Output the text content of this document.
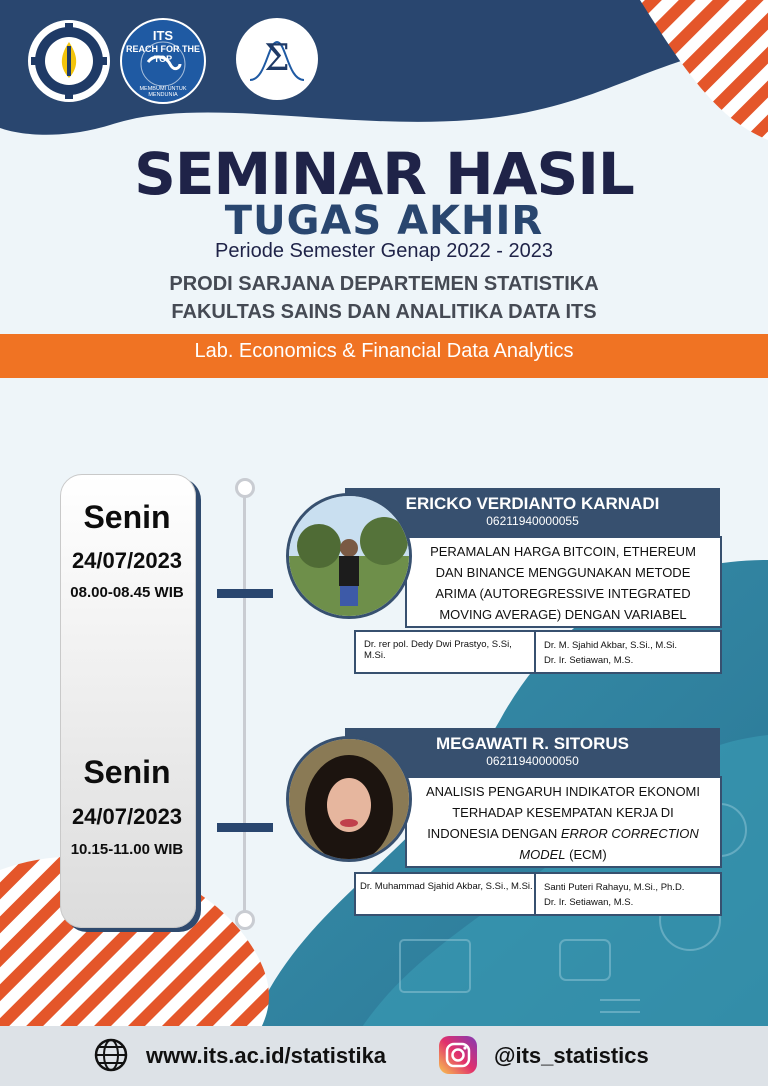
ITS
REACH FOR THE TOP
MEMBUMI UNTUK MENDUNIA
Σ
SEMINAR HASIL
TUGAS AKHIR
Periode Semester Genap 2022 - 2023
PRODI SARJANA DEPARTEMEN STATISTIKA
FAKULTAS SAINS DAN ANALITIKA DATA ITS
Lab. Economics & Financial Data Analytics
Senin
24/07/2023
08.00-08.45 WIB
Senin
24/07/2023
10.15-11.00 WIB
ERICKO VERDIANTO KARNADI
06211940000055
PERAMALAN HARGA BITCOIN, ETHEREUM DAN BINANCE MENGGUNAKAN METODE ARIMA (AUTOREGRESSIVE INTEGRATED MOVING AVERAGE) DENGAN VARIABEL
Dr. rer pol. Dedy Dwi Prastyo, S.Si, M.Si.
Dr. M. Sjahid Akbar, S.Si., M.Si.
Dr. Ir. Setiawan, M.S.
MEGAWATI R. SITORUS
06211940000050
ANALISIS PENGARUH INDIKATOR EKONOMI TERHADAP KESEMPATAN KERJA DI INDONESIA DENGAN ERROR CORRECTION MODEL (ECM)
Dr. Muhammad Sjahid Akbar, S.Si., M.Si. Santi Puteri Rahayu, M.Si., Ph.D.
Dr. Ir. Setiawan, M.S.
www.its.ac.id/statistika	@its_statistics
